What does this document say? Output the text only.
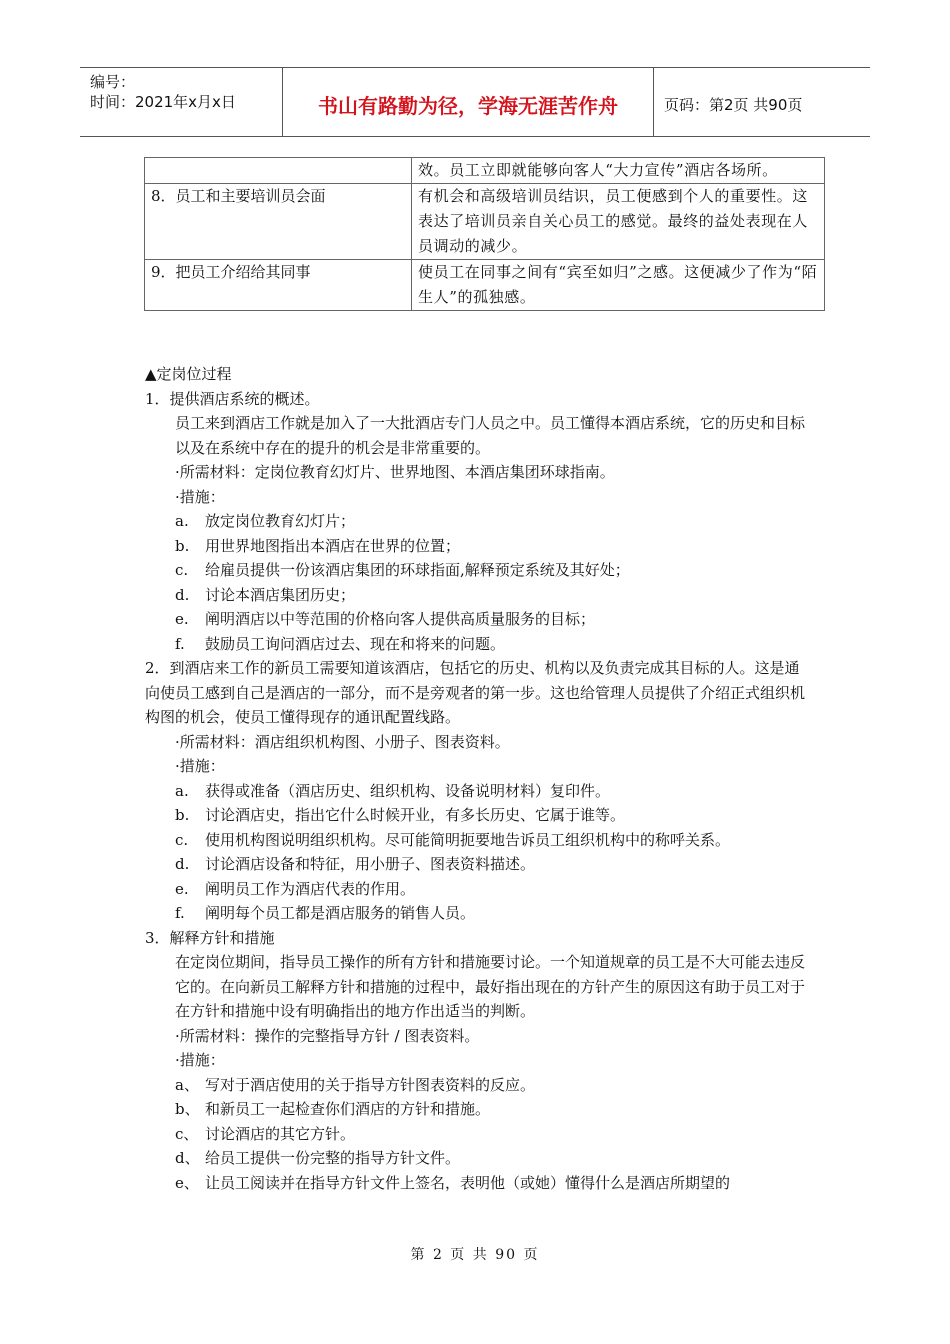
编号：
时间：2021年x月x日	书山有路勤为径，学海无涯苦作舟	页码：第2页 共90页
	效。员工立即就能够向客人“大力宣传”酒店各场所。
8．员工和主要培训员会面	有机会和高级培训员结识，员工便感到个人的重要性。这表达了培训员亲自关心员工的感觉。最终的益处表现在人员调动的减少。
9．把员工介绍给其同事	使员工在同事之间有“宾至如归”之感。这便减少了作为“陌生人”的孤独感。

▲定岗位过程

1．提供酒店系统的概述。

员工来到酒店工作就是加入了一大批酒店专门人员之中。员工懂得本酒店系统，它的历史和目标以及在系统中存在的提升的机会是非常重要的。

·所需材料：定岗位教育幻灯片、世界地图、本酒店集团环球指南。

·措施：

a.	放定岗位教育幻灯片；
b.	用世界地图指出本酒店在世界的位置；
c.	给雇员提供一份该酒店集团的环球指面,解释预定系统及其好处；
d.	讨论本酒店集团历史；
e.	阐明酒店以中等范围的价格向客人提供高质量服务的目标；
f.	鼓励员工询问酒店过去、现在和将来的问题。

2．到酒店来工作的新员工需要知道该酒店，包括它的历史、机构以及负责完成其目标的人。这是通向使员工感到自己是酒店的一部分，而不是旁观者的第一步。这也给管理人员提供了介绍正式组织机构图的机会，使员工懂得现存的通讯配置线路。

·所需材料：酒店组织机构图、小册子、图表资料。

·措施：

a.	获得或准备（酒店历史、组织机构、设备说明材料）复印件。
b.	讨论酒店史，指出它什么时候开业，有多长历史、它属于谁等。
c.	使用机构图说明组织机构。尽可能简明扼要地告诉员工组织机构中的称呼关系。
d.	讨论酒店设备和特征，用小册子、图表资料描述。
e.	阐明员工作为酒店代表的作用。
f.	阐明每个员工都是酒店服务的销售人员。

3．解释方针和措施

在定岗位期间，指导员工操作的所有方针和措施要讨论。一个知道规章的员工是不大可能去违反它的。在向新员工解释方针和措施的过程中，最好指出现在的方针产生的原因这有助于员工对于在方针和措施中设有明确指出的地方作出适当的判断。

·所需材料：操作的完整指导方针 / 图表资料。

·措施：

a、 写对于酒店使用的关于指导方针图表资料的反应。
b、 和新员工一起检查你们酒店的方针和措施。
c、 讨论酒店的其它方针。
d、 给员工提供一份完整的指导方针文件。
e、 让员工阅读并在指导方针文件上签名，表明他（或她）懂得什么是酒店所期望的
第 2 页 共 90 页
